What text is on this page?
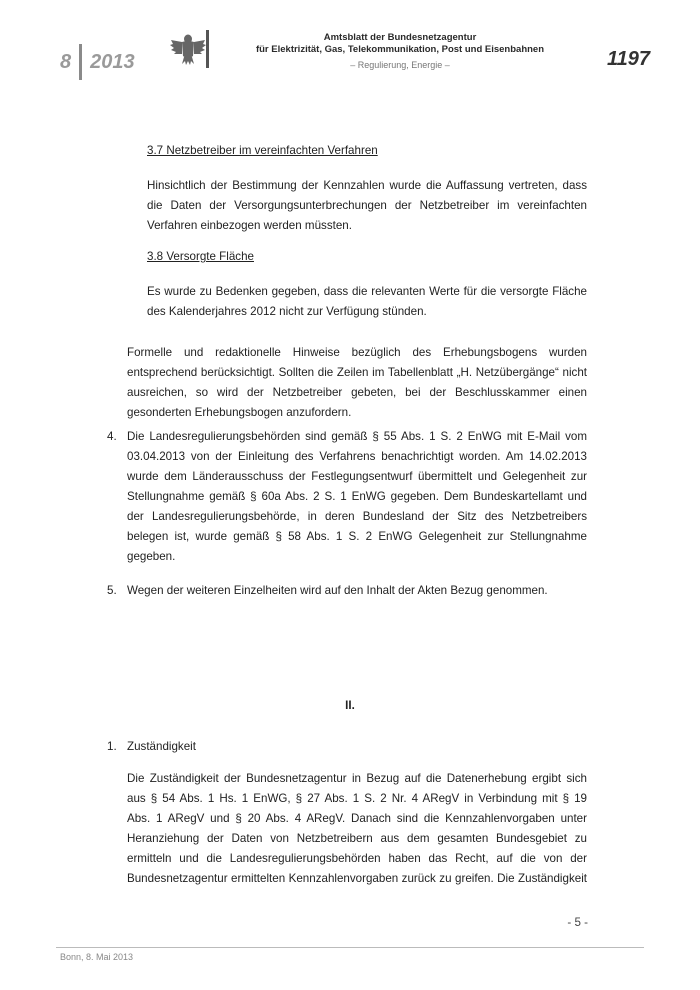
8 2013
Amtsblatt der Bundesnetzagentur
für Elektrizität, Gas, Telekommunikation, Post und Eisenbahnen
– Regulierung, Energie –	1197
3.7 Netzbetreiber im vereinfachten Verfahren
Hinsichtlich der Bestimmung der Kennzahlen wurde die Auffassung vertreten, dass
die Daten der Versorgungsunterbrechungen der Netzbetreiber im vereinfachten
Verfahren einbezogen werden müssten.
3.8 Versorgte Fläche
Es wurde zu Bedenken gegeben, dass die relevanten Werte für die versorgte Fläche
des Kalenderjahres 2012 nicht zur Verfügung stünden.
Formelle und redaktionelle Hinweise bezüglich des Erhebungsbogens wurden
entsprechend berücksichtigt. Sollten die Zeilen im Tabellenblatt „H. Netzübergänge“ nicht
ausreichen, so wird der Netzbetreiber gebeten, bei der Beschlusskammer einen
gesonderten Erhebungsbogen anzufordern.
4. Die Landesregulierungsbehörden sind gemäß § 55 Abs. 1 S. 2 EnWG mit E-Mail vom
03.04.2013 von der Einleitung des Verfahrens benachrichtigt worden. Am 14.02.2013
wurde dem Länderausschuss der Festlegungsentwurf übermittelt und Gelegenheit zur
Stellungnahme gemäß § 60a Abs. 2 S. 1 EnWG gegeben. Dem Bundeskartellamt und
der Landesregulierungsbehörde, in deren Bundesland der Sitz des Netzbetreibers
belegen ist, wurde gemäß § 58 Abs. 1 S. 2 EnWG Gelegenheit zur Stellungnahme
gegeben.
5. Wegen der weiteren Einzelheiten wird auf den Inhalt der Akten Bezug genommen.
II.
1. Zuständigkeit
Die Zuständigkeit der Bundesnetzagentur in Bezug auf die Datenerhebung ergibt sich
aus § 54 Abs. 1 Hs. 1 EnWG, § 27 Abs. 1 S. 2 Nr. 4 ARegV in Verbindung mit § 19
Abs. 1 ARegV und § 20 Abs. 4 ARegV. Danach sind die Kennzahlenvorgaben unter
Heranziehung der Daten von Netzbetreibern aus dem gesamten Bundesgebiet zu
ermitteln und die Landesregulierungsbehörden haben das Recht, auf die von der
Bundesnetzagentur ermittelten Kennzahlenvorgaben zurück zu greifen. Die Zuständigkeit
- 5 -
Bonn, 8. Mai 2013
